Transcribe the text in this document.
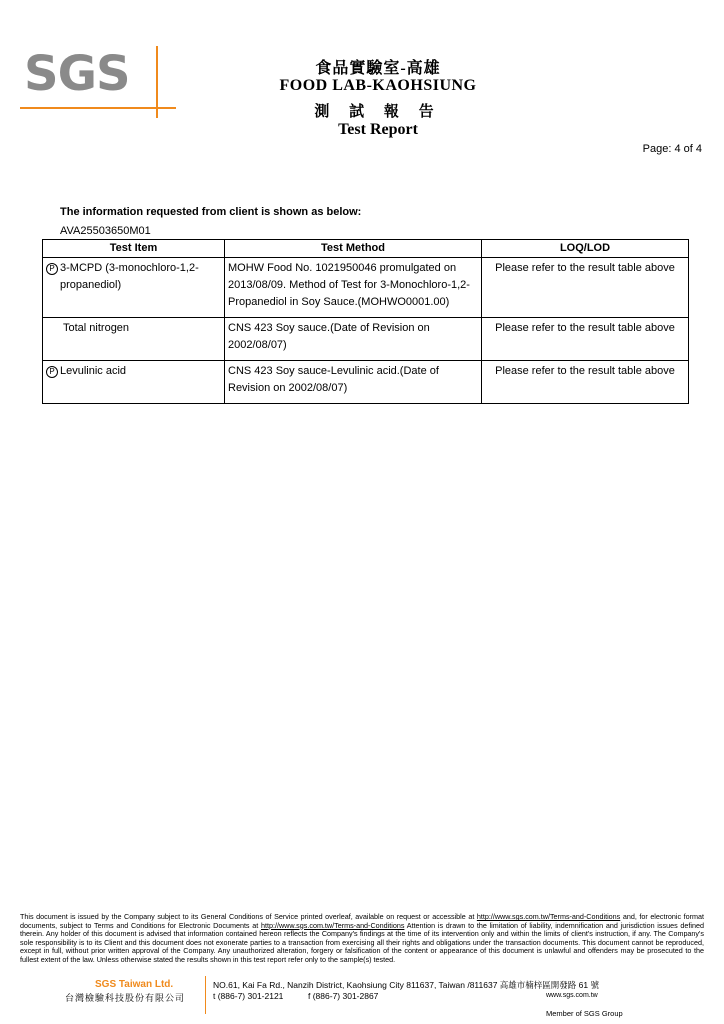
SGS	食品實驗室-高雄
FOOD LAB-KAOHSIUNG
測 試 報 告
Test Report
Page: 4 of 4
The information requested from client is shown as below:
AVA25503650M01
Test Item	Test Method	LOQ/LOD

P 3-MCPD (3-monochloro-1,2-propanediol)	MOHW Food No. 1021950046 promulgated on 2013/08/09. Method of Test for 3-Monochloro-1,2-Propanediol in Soy Sauce.(MOHWO0001.00)	Please refer to the result table above

Total nitrogen	CNS 423 Soy sauce.(Date of Revision on 2002/08/07)	Please refer to the result table above

P Levulinic acid	CNS 423 Soy sauce-Levulinic acid.(Date of Revision on 2002/08/07)	Please refer to the result table above
This document is issued by the Company subject to its General Conditions of Service printed overleaf, available on request or accessible at http://www.sgs.com.tw/Terms-and-Conditions and, for electronic format documents, subject to Terms and Conditions for Electronic Documents at http://www.sgs.com.tw/Terms-and-Conditions Attention is drawn to the limitation of liability, indemnification and jurisdiction issues defined therein. Any holder of this document is advised that information contained hereon reflects the Company's findings at the time of its intervention only and within the limits of client's instruction, if any. The Company's sole responsibility is to its Client and this document does not exonerate parties to a transaction from exercising all their rights and obligations under the transaction documents. This document cannot be reproduced, except in full, without prior written approval of the Company. Any unauthorized alteration, forgery or falsification of the content or appearance of this document is unlawful and offenders may be prosecuted to the fullest extent of the law. Unless otherwise stated the results shown in this test report refer only to the sample(s) tested.
SGS Taiwan Ltd.
台灣檢驗科技股份有限公司
NO.61, Kai Fa Rd., Nanzih District, Kaohsiung City 811637, Taiwan /811637 高雄市楠梓區開發路 61 號
t (886-7) 301-2121	f (886-7) 301-2867	www.sgs.com.tw
Member of SGS Group
